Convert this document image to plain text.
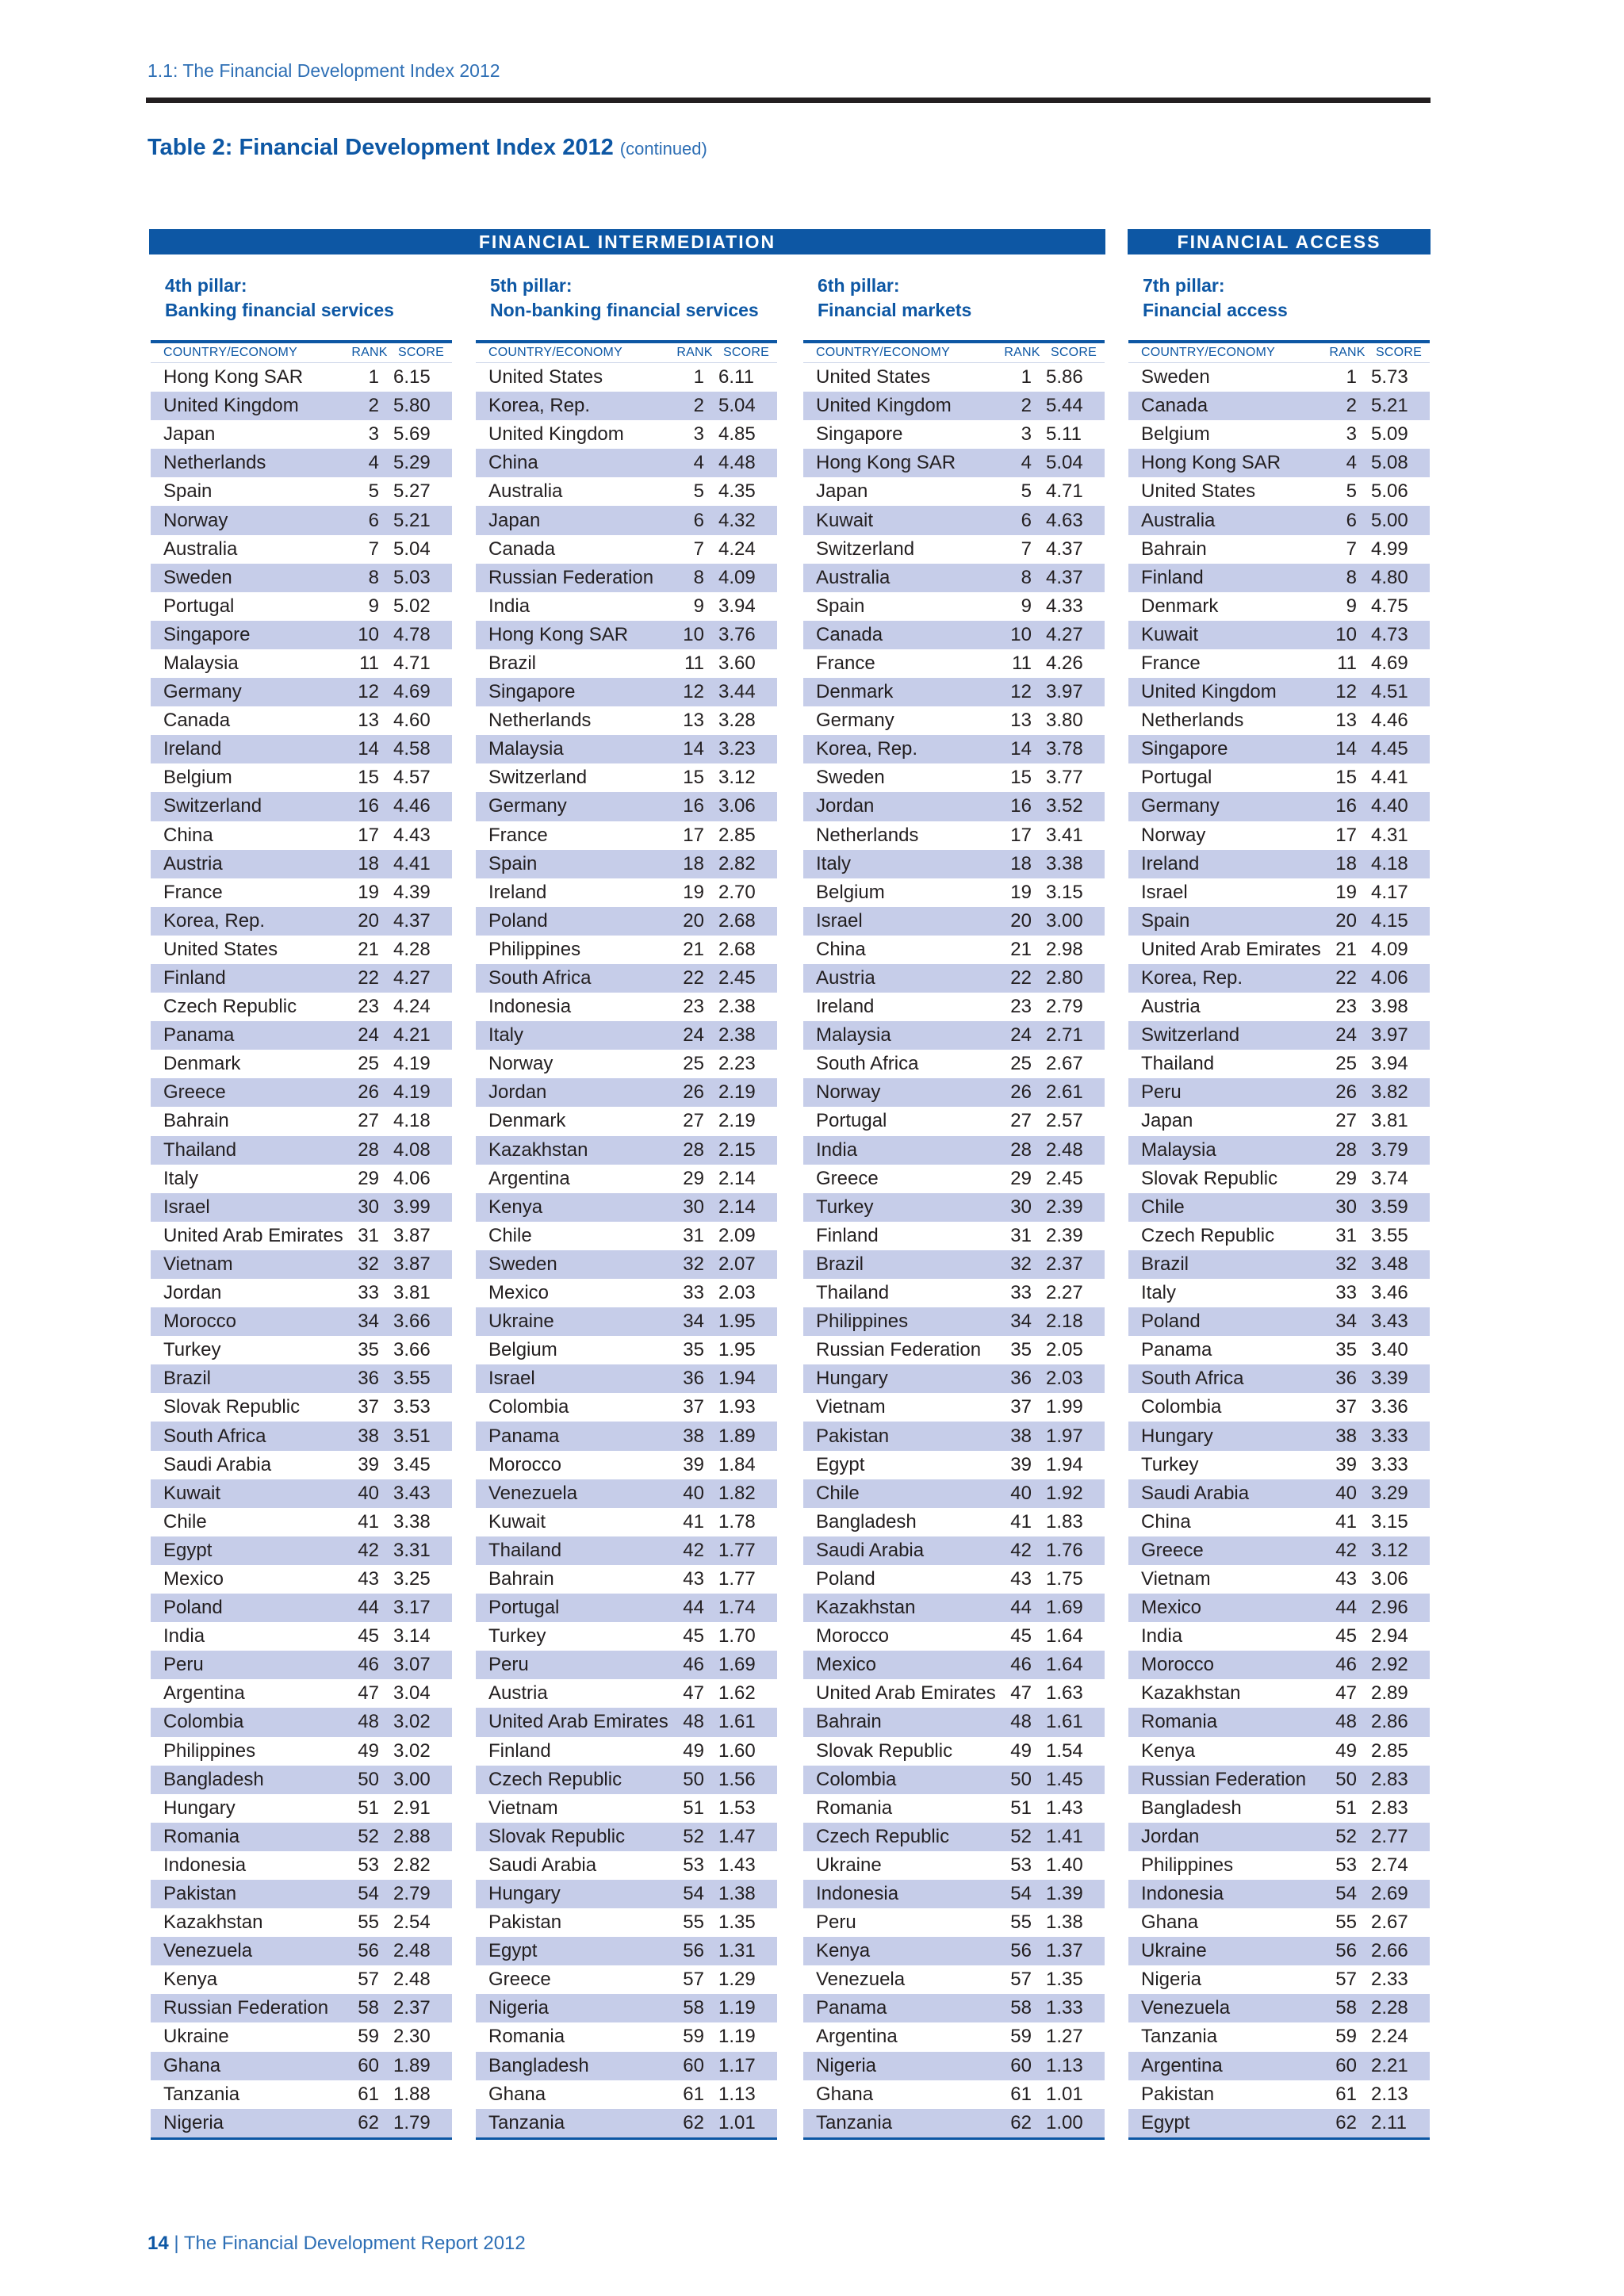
1.1: The Financial Development Index 2012
Table 2: Financial Development Index 2012 (continued)
FINANCIAL INTERMEDIATION	FINANCIAL ACCESS
4th pillar:
Banking financial services
COUNTRY/ECONOMY	RANK SCORE
Hong Kong SAR	1 6.15
United Kingdom	2 5.80
Japan	3 5.69
Netherlands	4 5.29
Spain	5 5.27
Norway	6 5.21
Australia	7 5.04
Sweden	8 5.03
Portugal	9 5.02
Singapore	10 4.78
Malaysia	11 4.71
Germany	12 4.69
Canada	13 4.60
Ireland	14 4.58
Belgium	15 4.57
Switzerland	16 4.46
China	17 4.43
Austria	18 4.41
France	19 4.39
Korea, Rep.	20 4.37
United States	21 4.28
Finland	22 4.27
Czech Republic	23 4.24
Panama	24 4.21
Denmark	25 4.19
Greece	26 4.19
Bahrain	27 4.18
Thailand	28 4.08
Italy	29 4.06
Israel	30 3.99
United Arab Emirates 31 3.87
Vietnam	32 3.87
Jordan	33 3.81
Morocco	34 3.66
Turkey	35 3.66
Brazil	36 3.55
Slovak Republic	37 3.53
South Africa	38 3.51
Saudi Arabia	39 3.45
Kuwait	40 3.43
Chile	41 3.38
Egypt	42 3.31
Mexico	43 3.25
Poland	44 3.17
India	45 3.14
Peru	46 3.07
Argentina	47 3.04
Colombia	48 3.02
Philippines	49 3.02
Bangladesh	50 3.00
Hungary	51 2.91
Romania	52 2.88
Indonesia	53 2.82
Pakistan	54 2.79
Kazakhstan	55 2.54
Venezuela	56 2.48
Kenya	57 2.48
Russian Federation	58 2.37
Ukraine	59 2.30
Ghana	60 1.89
Tanzania	61 1.88
Nigeria	62 1.79
5th pillar:
Non-banking financial services
COUNTRY/ECONOMY	RANK SCORE
United States	1 6.11
Korea, Rep.	2 5.04
United Kingdom	3 4.85
China	4 4.48
Australia	5 4.35
Japan	6 4.32
Canada	7 4.24
Russian Federation	8 4.09
India	9 3.94
Hong Kong SAR	10 3.76
Brazil	11 3.60
Singapore	12 3.44
Netherlands	13 3.28
Malaysia	14 3.23
Switzerland	15 3.12
Germany	16 3.06
France	17 2.85
Spain	18 2.82
Ireland	19 2.70
Poland	20 2.68
Philippines	21 2.68
South Africa	22 2.45
Indonesia	23 2.38
Italy	24 2.38
Norway	25 2.23
Jordan	26 2.19
Denmark	27 2.19
Kazakhstan	28 2.15
Argentina	29 2.14
Kenya	30 2.14
Chile	31 2.09
Sweden	32 2.07
Mexico	33 2.03
Ukraine	34 1.95
Belgium	35 1.95
Israel	36 1.94
Colombia	37 1.93
Panama	38 1.89
Morocco	39 1.84
Venezuela	40 1.82
Kuwait	41 1.78
Thailand	42 1.77
Bahrain	43 1.77
Portugal	44 1.74
Turkey	45 1.70
Peru	46 1.69
Austria	47 1.62
United Arab Emirates 48 1.61
Finland	49 1.60
Czech Republic	50 1.56
Vietnam	51 1.53
Slovak Republic	52 1.47
Saudi Arabia	53 1.43
Hungary	54 1.38
Pakistan	55 1.35
Egypt	56 1.31
Greece	57 1.29
Nigeria	58 1.19
Romania	59 1.19
Bangladesh	60 1.17
Ghana	61 1.13
Tanzania	62 1.01
6th pillar:
Financial markets
COUNTRY/ECONOMY	RANK SCORE
United States	1 5.86
United Kingdom	2 5.44
Singapore	3 5.11
Hong Kong SAR	4 5.04
Japan	5 4.71
Kuwait	6 4.63
Switzerland	7 4.37
Australia	8 4.37
Spain	9 4.33
Canada	10 4.27
France	11 4.26
Denmark	12 3.97
Germany	13 3.80
Korea, Rep.	14 3.78
Sweden	15 3.77
Jordan	16 3.52
Netherlands	17 3.41
Italy	18 3.38
Belgium	19 3.15
Israel	20 3.00
China	21 2.98
Austria	22 2.80
Ireland	23 2.79
Malaysia	24 2.71
South Africa	25 2.67
Norway	26 2.61
Portugal	27 2.57
India	28 2.48
Greece	29 2.45
Turkey	30 2.39
Finland	31 2.39
Brazil	32 2.37
Thailand	33 2.27
Philippines	34 2.18
Russian Federation	35 2.05
Hungary	36 2.03
Vietnam	37 1.99
Pakistan	38 1.97
Egypt	39 1.94
Chile	40 1.92
Bangladesh	41 1.83
Saudi Arabia	42 1.76
Poland	43 1.75
Kazakhstan	44 1.69
Morocco	45 1.64
Mexico	46 1.64
United Arab Emirates 47 1.63
Bahrain	48 1.61
Slovak Republic	49 1.54
Colombia	50 1.45
Romania	51 1.43
Czech Republic	52 1.41
Ukraine	53 1.40
Indonesia	54 1.39
Peru	55 1.38
Kenya	56 1.37
Venezuela	57 1.35
Panama	58 1.33
Argentina	59 1.27
Nigeria	60 1.13
Ghana	61 1.01
Tanzania	62 1.00
7th pillar:
Financial access
COUNTRY/ECONOMY	RANK SCORE
Sweden	1 5.73
Canada	2 5.21
Belgium	3 5.09
Hong Kong SAR	4 5.08
United States	5 5.06
Australia	6 5.00
Bahrain	7 4.99
Finland	8 4.80
Denmark	9 4.75
Kuwait	10 4.73
France	11 4.69
United Kingdom	12 4.51
Netherlands	13 4.46
Singapore	14 4.45
Portugal	15 4.41
Germany	16 4.40
Norway	17 4.31
Ireland	18 4.18
Israel	19 4.17
Spain	20 4.15
United Arab Emirates 21 4.09
Korea, Rep.	22 4.06
Austria	23 3.98
Switzerland	24 3.97
Thailand	25 3.94
Peru	26 3.82
Japan	27 3.81
Malaysia	28 3.79
Slovak Republic	29 3.74
Chile	30 3.59
Czech Republic	31 3.55
Brazil	32 3.48
Italy	33 3.46
Poland	34 3.43
Panama	35 3.40
South Africa	36 3.39
Colombia	37 3.36
Hungary	38 3.33
Turkey	39 3.33
Saudi Arabia	40 3.29
China	41 3.15
Greece	42 3.12
Vietnam	43 3.06
Mexico	44 2.96
India	45 2.94
Morocco	46 2.92
Kazakhstan	47 2.89
Romania	48 2.86
Kenya	49 2.85
Russian Federation	50 2.83
Bangladesh	51 2.83
Jordan	52 2.77
Philippines	53 2.74
Indonesia	54 2.69
Ghana	55 2.67
Ukraine	56 2.66
Nigeria	57 2.33
Venezuela	58 2.28
Tanzania	59 2.24
Argentina	60 2.21
Pakistan	61 2.13
Egypt	62 2.11
14 | The Financial Development Report 2012
